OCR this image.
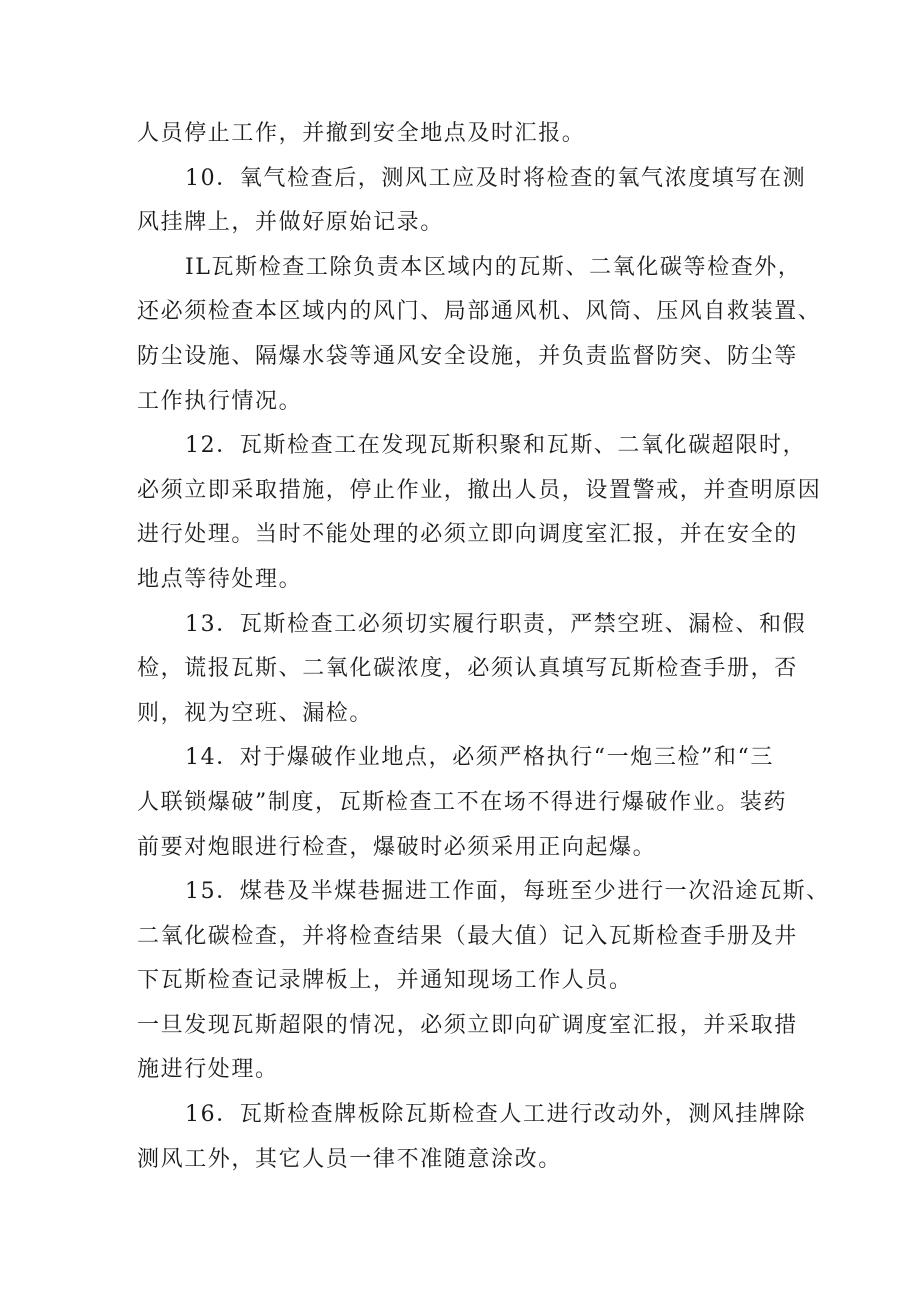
人员停止工作，并撤到安全地点及时汇报。
10．氧气检查后，测风工应及时将检查的氧气浓度填写在测
风挂牌上，并做好原始记录。
IL瓦斯检查工除负责本区域内的瓦斯、二氧化碳等检查外，
还必须检查本区域内的风门、局部通风机、风筒、压风自救装置、
防尘设施、隔爆水袋等通风安全设施，并负责监督防突、防尘等
工作执行情况。
12．瓦斯检查工在发现瓦斯积聚和瓦斯、二氧化碳超限时，
必须立即采取措施，停止作业，撤出人员，设置警戒，并查明原因
进行处理。当时不能处理的必须立即向调度室汇报，并在安全的
地点等待处理。
13．瓦斯检查工必须切实履行职责，严禁空班、漏检、和假
检，谎报瓦斯、二氧化碳浓度，必须认真填写瓦斯检查手册，否
则，视为空班、漏检。
14．对于爆破作业地点，必须严格执行“一炮三检”和“三
人联锁爆破”制度，瓦斯检查工不在场不得进行爆破作业。装药
前要对炮眼进行检查，爆破时必须采用正向起爆。
15．煤巷及半煤巷掘进工作面，每班至少进行一次沿途瓦斯、
二氧化碳检查，并将检查结果（最大值）记入瓦斯检查手册及井
下瓦斯检查记录牌板上，并通知现场工作人员。
一旦发现瓦斯超限的情况，必须立即向矿调度室汇报，并采取措
施进行处理。
16．瓦斯检查牌板除瓦斯检查人工进行改动外，测风挂牌除
测风工外，其它人员一律不准随意涂改。
